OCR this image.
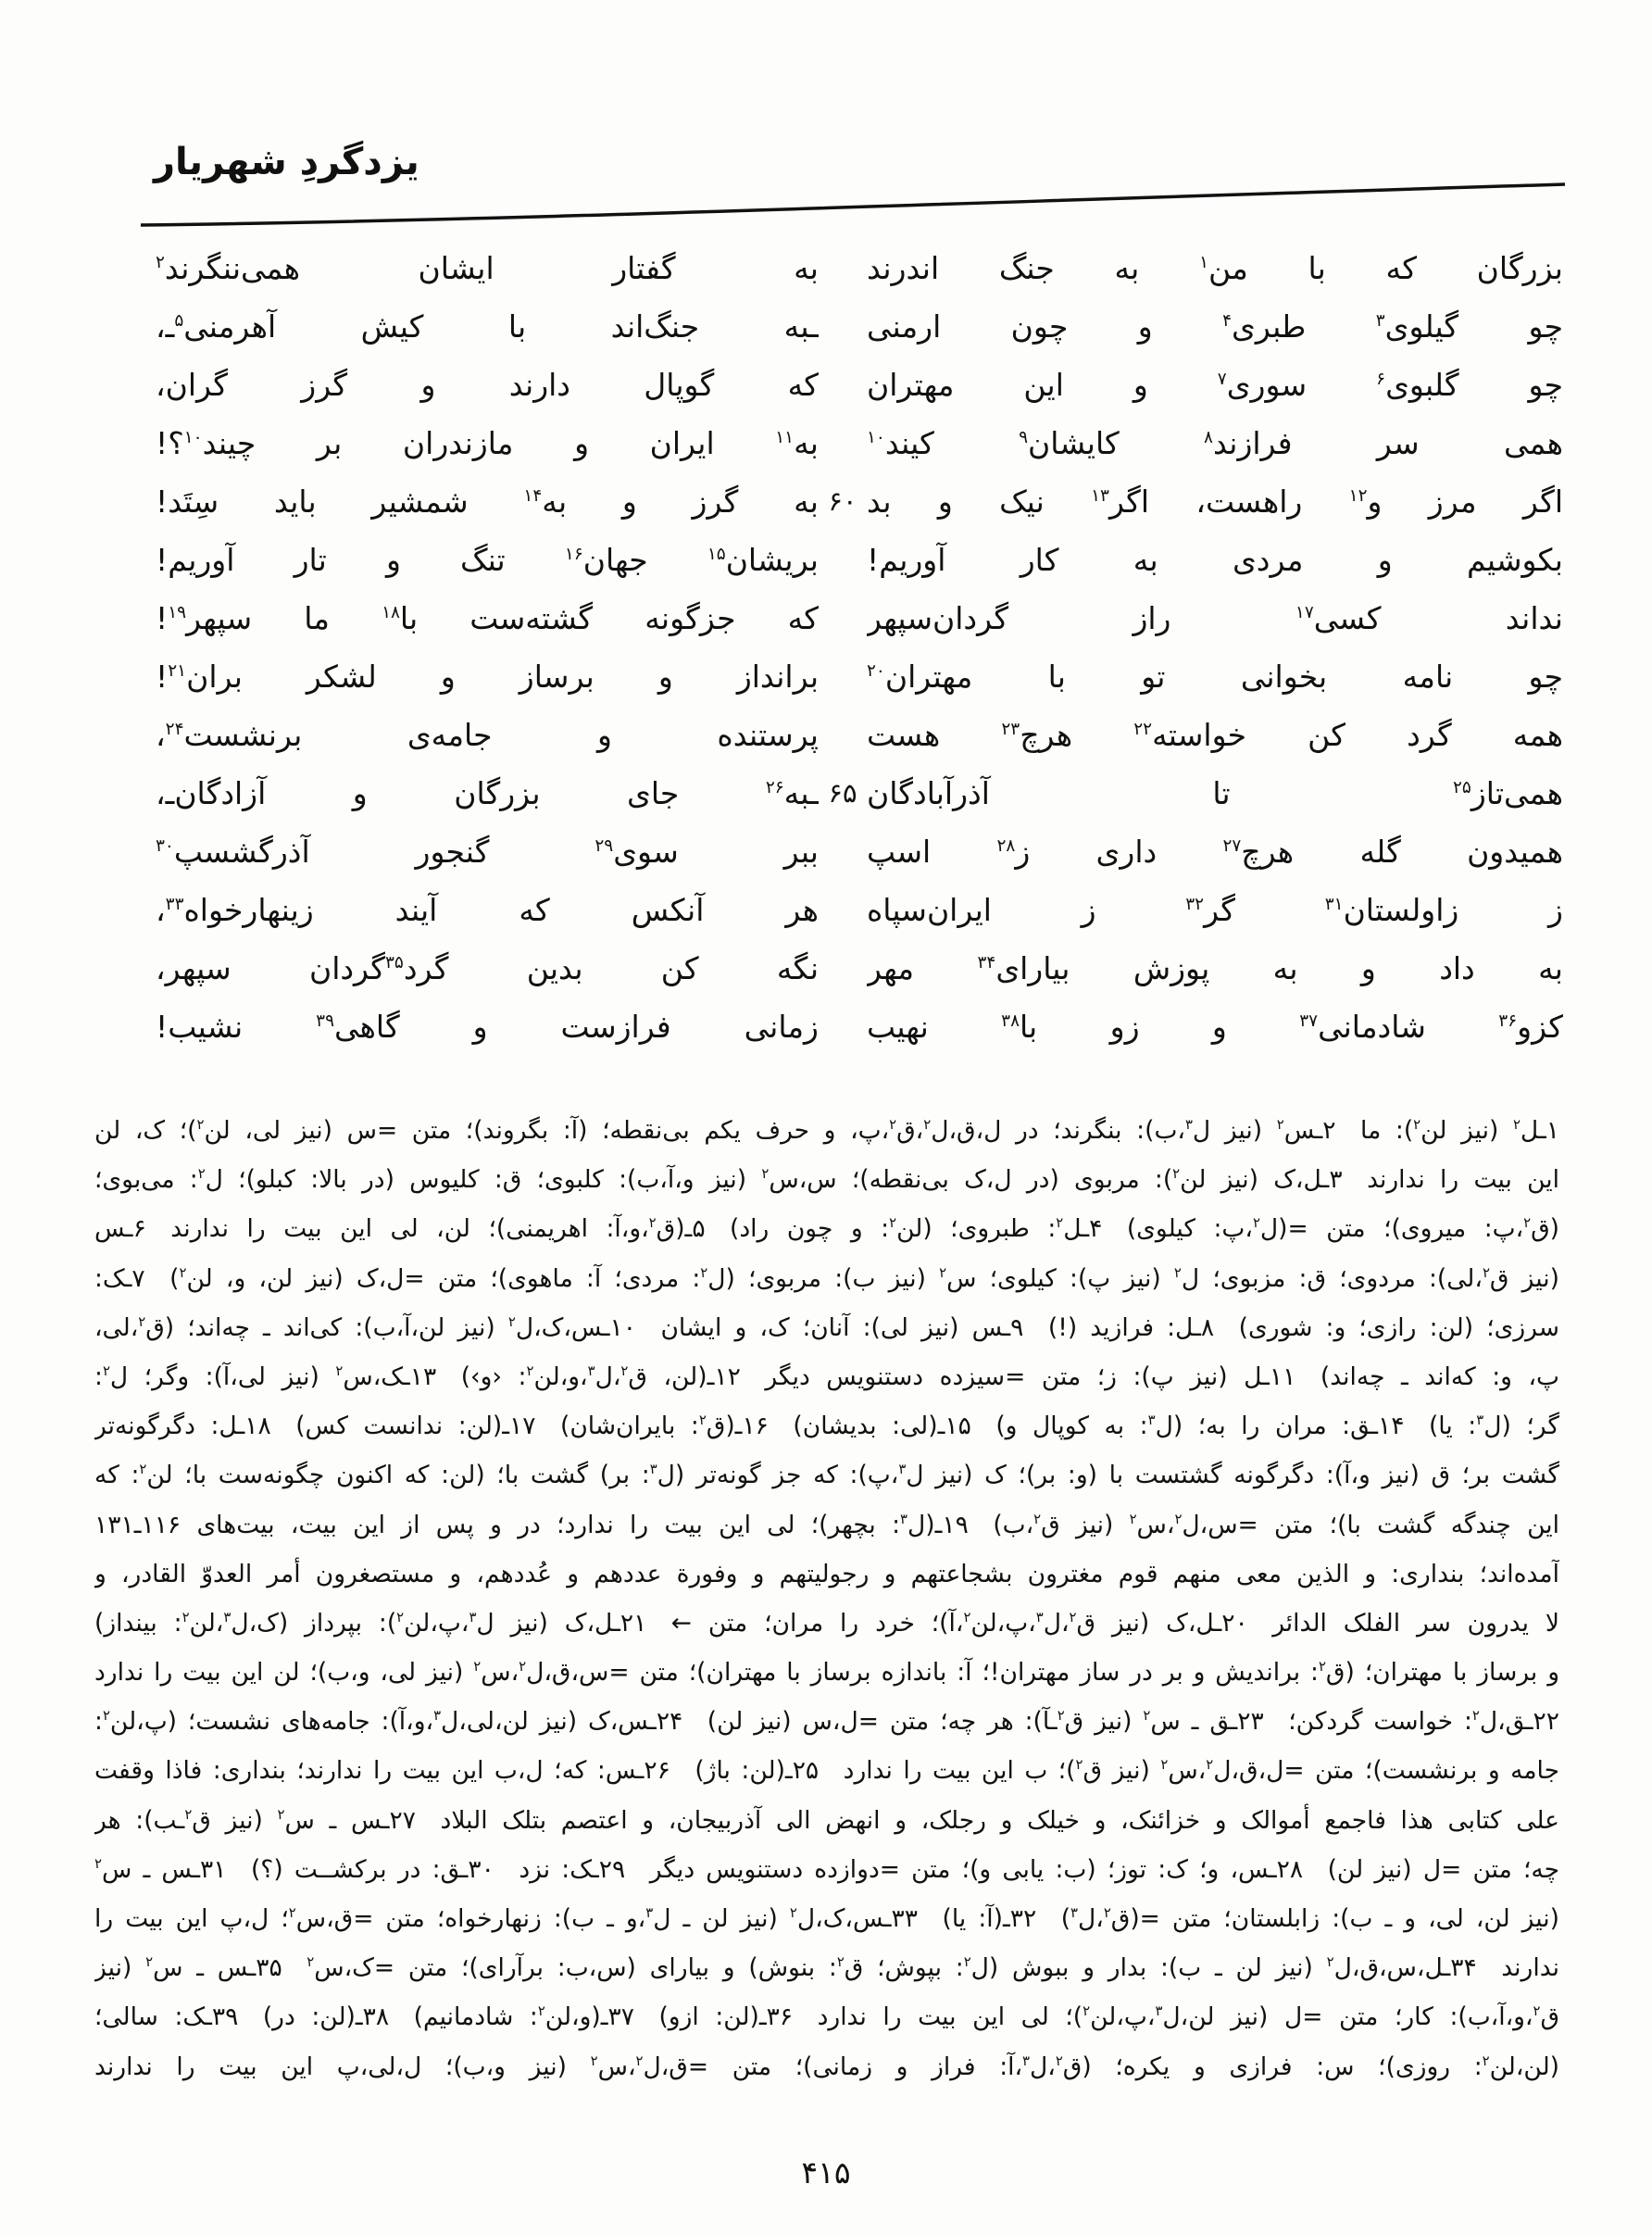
یزدگردِ شهریار
بزرگان که با من$^۱$ به جنگ اندرند
به گفتار ایشان همی‌ننگرند$^۲$
چو گیلوی$^۳$ طبری$^۴$ و چون ارمنی
ـبه جنگ‌اند با کیش آهرمنی$^۵$‌ـ،
چو گلبوی$^۶$ سوری$^۷$ و این مهتران
که گوپال دارند و گرز گران،
همی سر فرازند$^۸$ کایشان$^۹$ کیند$^{۱۰}$
به$^{۱۱}$ ایران و مازندران بر چیند$^{۱۰}$؟!
اگر مرز و$^{۱۲}$ راهست، اگر$^{۱۳}$ نیک و بد
۶۰
به گرز و به$^{۱۴}$ شمشیر باید سِتَد!
بکوشیم و مردی به کار آوریم!
بریشان$^{۱۵}$ جهان$^{۱۶}$ تنگ و تار آوریم!
نداند کسی$^{۱۷}$ راز گردان‌سپهر
که جزگونه گشته‌ست با$^{۱۸}$ ما سپهر$^{۱۹}$!
چو نامه بخوانی تو با مهتران$^{۲۰}$
برانداز و برساز و لشکر بران$^{۲۱}$!
همه گرد کن خواسته$^{۲۲}$ هرچ$^{۲۳}$ هست
پرستنده و جامه‌ی برنشست$^{۲۴}$،
همی‌تاز$^{۲۵}$ تا آذرآبادگان
۶۵
ـبه$^{۲۶}$ جای بزرگان و آزادگان‌ـ،
همیدون گله هرچ$^{۲۷}$ داری ز$^{۲۸}$ اسپ
ببر سوی$^{۲۹}$ گنجور آذرگشسپ$^{۳۰}$
ز زاولستان$^{۳۱}$ گر$^{۳۲}$ ز ایران‌سپاه
هر آنکس که آیند زینهارخواه$^{۳۳}$،
به داد و به پوزش بیارای$^{۳۴}$ مهر
نگه کن بدین گرد$^{۳۵}$گردان سپهر،
کزو$^{۳۶}$ شادمانی$^{۳۷}$ و زو با$^{۳۸}$ نهیب
زمانی فرازست و گاهی$^{۳۹}$ نشیب!
۱ـل$^۲$ (نیز لن$^۲$): ما  ۲ـس$^۲$ (نیز ل$^۳$،ب): بنگرند؛ در ل،ق،ل$^۲$،ق$^۲$،پ، و حرف یکم بی‌نقطه؛ (آ: بگروند)؛ متن =س (نیز لی، لن$^۲$)؛ ک، لن
این بیت را ندارند  ۳ـل،ک (نیز لن$^۲$): مربوی (در ل،ک بی‌نقطه)؛ س،س$^۲$ (نیز و،آ،ب): کلبوی؛ ق: کلیوس (در بالا: کبلو)؛ ل$^۲$: می‌بوی؛
(ق$^۲$،پ: میروی)؛ متن =(ل$^۲$،پ: کیلوی)  ۴ـل$^۲$: طبروی؛ (لن$^۲$: و چون راد)  ۵ـ(ق$^۲$،و،آ: اهریمنی)؛ لن، لی این بیت را ندارند  ۶ـس
(نیز ق$^۲$،لی): مردوی؛ ق: مزبوی؛ ل$^۲$ (نیز پ): کیلوی؛ س$^۲$ (نیز ب): مربوی؛ (ل$^۲$: مردی؛ آ: ماهوی)؛ متن =ل،ک (نیز لن، و، لن$^۲$)  ۷ـک:
سرزی؛ (لن: رازی؛ و: شوری)  ۸ـل: فرازید (!)  ۹ـس (نیز لی): آنان؛ ک، و ایشان  ۱۰ـس،ک،ل$^۲$ (نیز لن،آ،ب): کی‌اند ـ چه‌اند؛ (ق$^۲$،لی،
پ، و: که‌اند ـ چه‌اند)  ۱۱ـل (نیز پ): ز؛ متن =سیزده دستنویس دیگر  ۱۲ـ(لن، ق$^۲$،ل$^۳$،و،لن$^۲$: ‹و›)  ۱۳ـک،س$^۲$ (نیز لی،آ): وگر؛ ل$^۲$:
گر؛ (ل$^۳$: یا)  ۱۴ـق: مران را به؛ (ل$^۳$: به کوپال و)  ۱۵ـ(لی: بدیشان)  ۱۶ـ(ق$^۲$: بایران‌شان)  ۱۷ـ(لن: ندانست کس)  ۱۸ـل: دگرگونه‌تر
گشت بر؛ ق (نیز و،آ): دگرگونه گشتست با (و: بر)؛ ک (نیز ل$^۳$،پ): که جز گونه‌تر (ل$^۳$: بر) گشت با؛ (لن: که اکنون چگونه‌ست با؛ لن$^۲$: که
این چندگه گشت با)؛ متن =س،ل$^۲$،س$^۲$ (نیز ق$^۲$،ب)  ۱۹ـ(ل$^۳$: بچهر)؛ لی این بیت را ندارد؛ در و پس از این بیت، بیت‌های ۱۱۶ـ۱۳۱
آمده‌اند؛ بنداری: و الذین معی منهم قوم مغترون بشجاعتهم و رجولیتهم و وفورة عددهم و عُددهم، و مستصغرون أمر العدوّ القادر، و
لا یدرون سر الفلک الدائر  ۲۰ـل،ک (نیز ق$^۲$،ل$^۳$،پ،لن$^۲$،آ)؛ خرد را مران؛ متن ←  ۲۱ـل،ک (نیز ل$^۳$،پ،لن$^۲$): بپرداز (ک،ل$^۳$،لن$^۲$: بینداز)
و برساز با مهتران؛ (ق$^۲$: براندیش و بر در ساز مهتران!؛ آ: باندازه برساز با مهتران)؛ متن =س،ق،ل$^۲$،س$^۲$ (نیز لی، و،ب)؛ لن این بیت را ندارد
۲۲ـق،ل$^۲$: خواست گردکن؛  ۲۳ـق ـ س$^۲$ (نیز ق$^۲$ـآ): هر چه؛ متن =ل،س (نیز لن)  ۲۴ـس،ک (نیز لن،لی،ل$^۳$،و،آ): جامه‌های نشست؛ (پ،لن$^۲$:
جامه و برنشست)؛ متن =ل،ق،ل$^۲$،س$^۲$ (نیز ق$^۲$)؛ ب این بیت را ندارد  ۲۵ـ(لن: باژ)  ۲۶ـس: که؛ ل،ب این بیت را ندارند؛ بنداری: فاذا وقفت
علی کتابی هذا فاجمع أموالک و خزائنک، و خیلک و رجلک، و انهض الی آذربیجان، و اعتصم بتلک البلاد  ۲۷ـس ـ س$^۲$ (نیز ق$^۲$ـب): هر
چه؛ متن =ل (نیز لن)  ۲۸ـس، و؛ ک: توز؛ (ب: یابی و)؛ متن =دوازده دستنویس دیگر  ۲۹ـک: نزد  ۳۰ـق: در برکشــت (؟)  ۳۱ـس ـ س$^۲$
(نیز لن، لی، و ـ ب): زابلستان؛ متن =(ق$^۲$،ل$^۳$)  ۳۲ـ(آ: یا)  ۳۳ـس،ک،ل$^۲$ (نیز لن ـ ل$^۳$،و ـ ب): زنهارخواه؛ متن =ق،س$^۲$؛ ل،پ این بیت را
ندارند  ۳۴ـل،س،ق،ل$^۲$ (نیز لن ـ ب): بدار و ببوش (ل$^۲$: بپوش؛ ق$^۲$: بنوش) و بیارای (س،ب: برآرای)؛ متن =ک،س$^۲$  ۳۵ـس ـ س$^۲$ (نیز
ق$^۲$،و،آ،ب): کار؛ متن =ل (نیز لن،ل$^۳$،پ،لن$^۲$)؛ لی این بیت را ندارد  ۳۶ـ(لن: ازو)  ۳۷ـ(و،لن$^۲$: شادمانیم)  ۳۸ـ(لن: در)  ۳۹ـک: سالی؛
(لن،لن$^۲$: روزی)؛ س: فرازی و یکره؛ (ق$^۲$،ل$^۳$،آ: فراز و زمانی)؛ متن =ق،ل$^۲$،س$^۲$ (نیز و،ب)؛ ل،لی،پ این بیت را ندارند
۴۱۵
